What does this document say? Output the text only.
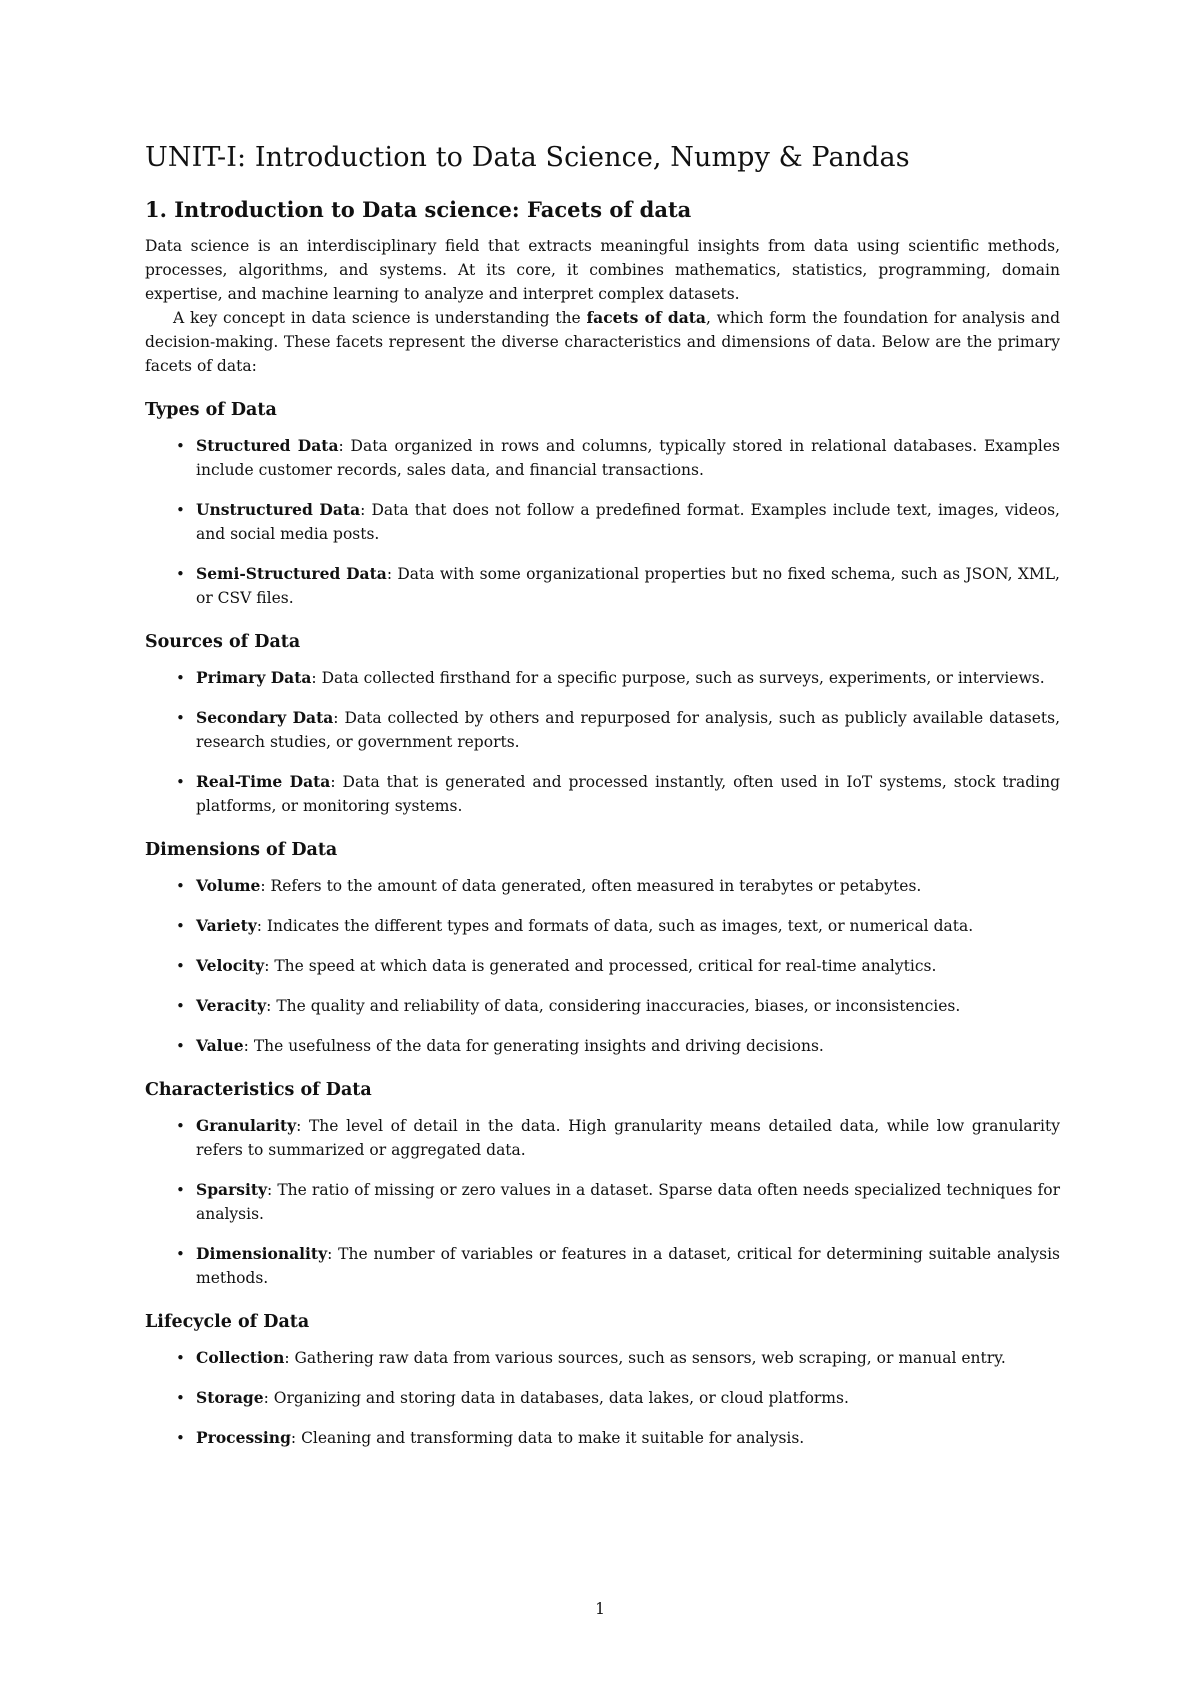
UNIT-I: Introduction to Data Science, Numpy & Pandas
1. Introduction to Data science: Facets of data

Data science is an interdisciplinary field that extracts meaningful insights from data using scientific methods, processes, algorithms, and systems. At its core, it combines mathematics, statistics, programming, domain expertise, and machine learning to analyze and interpret complex datasets.

A key concept in data science is understanding the facets of data, which form the foundation for analysis and decision-making. These facets represent the diverse characteristics and dimensions of data. Below are the primary facets of data:

Types of Data
• Structured Data: Data organized in rows and columns, typically stored in relational databases. Examples include customer records, sales data, and financial transactions.
• Unstructured Data: Data that does not follow a predefined format. Examples include text, images, videos, and social media posts.
• Semi-Structured Data: Data with some organizational properties but no fixed schema, such as JSON, XML, or CSV files.
Sources of Data
• Primary Data: Data collected firsthand for a specific purpose, such as surveys, experiments, or interviews.
• Secondary Data: Data collected by others and repurposed for analysis, such as publicly available datasets, research studies, or government reports.
• Real-Time Data: Data that is generated and processed instantly, often used in IoT systems, stock trading platforms, or monitoring systems.
Dimensions of Data
• Volume: Refers to the amount of data generated, often measured in terabytes or petabytes.
• Variety: Indicates the different types and formats of data, such as images, text, or numerical data.
• Velocity: The speed at which data is generated and processed, critical for real-time analytics.
• Veracity: The quality and reliability of data, considering inaccuracies, biases, or inconsistencies.
• Value: The usefulness of the data for generating insights and driving decisions.
Characteristics of Data
• Granularity: The level of detail in the data. High granularity means detailed data, while low granularity refers to summarized or aggregated data.
• Sparsity: The ratio of missing or zero values in a dataset. Sparse data often needs specialized techniques for analysis.
• Dimensionality: The number of variables or features in a dataset, critical for determining suitable analysis methods.
Lifecycle of Data
• Collection: Gathering raw data from various sources, such as sensors, web scraping, or manual entry.
• Storage: Organizing and storing data in databases, data lakes, or cloud platforms.
• Processing: Cleaning and transforming data to make it suitable for analysis.
1
